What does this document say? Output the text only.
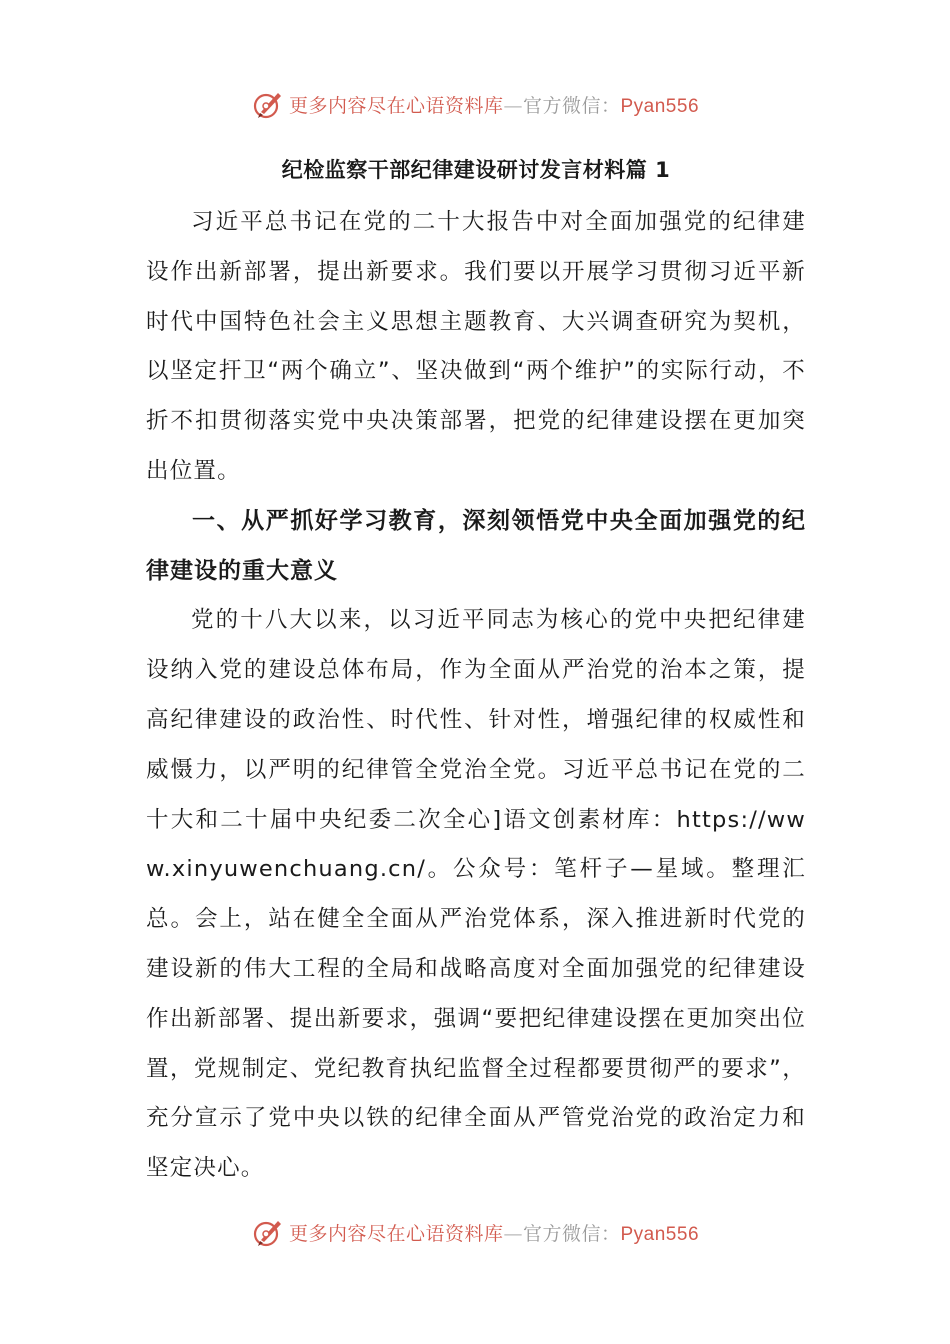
更多内容尽在心语资料库—官方微信：Pyan556
纪检监察干部纪律建设研讨发言材料篇 1

习近平总书记在党的二十大报告中对全面加强党的纪律建设作出新部署，提出新要求。我们要以开展学习贯彻习近平新时代中国特色社会主义思想主题教育、大兴调查研究为契机，以坚定扞卫“两个确立”、坚决做到“两个维护”的实际行动，不折不扣贯彻落实党中央决策部署，把党的纪律建设摆在更加突出位置。

一、从严抓好学习教育，深刻领悟党中央全面加强党的纪律建设的重大意义

党的十八大以来，以习近平同志为核心的党中央把纪律建设纳入党的建设总体布局，作为全面从严治党的治本之策，提高纪律建设的政治性、时代性、针对性，增强纪律的权威性和威慑力，以严明的纪律管全党治全党。习近平总书记在党的二十大和二十届中央纪委二次全心]语文创素材库：https://www.xinyuwenchuang.cn/。公众号：笔杆子—星域。整理汇总。会上，站在健全全面从严治党体系，深入推进新时代党的建设新的伟大工程的全局和战略高度对全面加强党的纪律建设作出新部署、提出新要求，强调“要把纪律建设摆在更加突出位置，党规制定、党纪教育执纪监督全过程都要贯彻严的要求”，充分宣示了党中央以铁的纪律全面从严管党治党的政治定力和坚定决心。

更多内容尽在心语资料库—官方微信：Pyan556
